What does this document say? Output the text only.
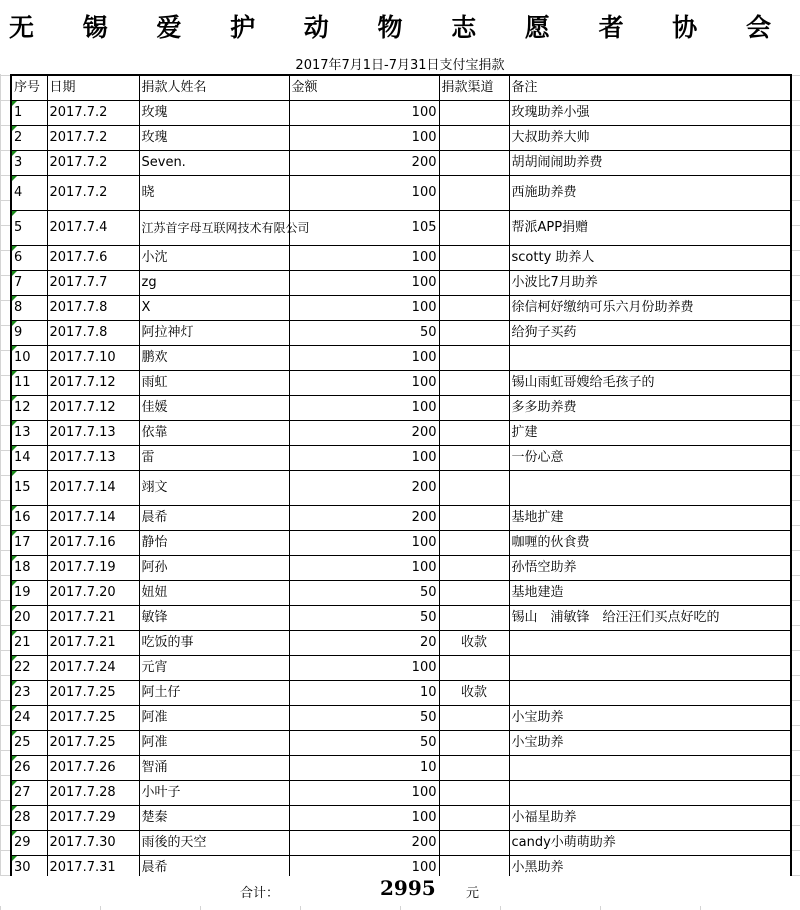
无 锡 爱 护 动 物 志 愿 者 协 会
2017年7月1日-7月31日支付宝捐款
序号	日期	捐款人姓名	金额	捐款渠道	备注
1	2017.7.2	玫瑰	100		玫瑰助养小强
2	2017.7.2	玫瑰	100		大叔助养大帅
3	2017.7.2	Seven.	200		胡胡闹闹助养费
4	2017.7.2	晓	100		西施助养费
5	2017.7.4	江苏首字母互联网技术有限公司	105		帮派APP捐赠
6	2017.7.6	小沈	100		scotty 助养人
7	2017.7.7	zg	100		小波比7月助养
8	2017.7.8	X	100		徐信柯妤缴纳可乐六月份助养费
9	2017.7.8	阿拉神灯	50		给狗子买药
10	2017.7.10	鹏欢	100		
11	2017.7.12	雨虹	100		锡山雨虹哥嫂给毛孩子的
12	2017.7.12	佳媛	100		多多助养费
13	2017.7.13	依靠	200		扩建
14	2017.7.13	雷	100		一份心意
15	2017.7.14	翊文	200		
16	2017.7.14	晨希	200		基地扩建
17	2017.7.16	静怡	100		咖喱的伙食费
18	2017.7.19	阿孙	100		孙悟空助养
19	2017.7.20	妞妞	50		基地建造
20	2017.7.21	敏锋	50		锡山　浦敏锋　给汪汪们买点好吃的
21	2017.7.21	吃饭的事	20	收款	
22	2017.7.24	元宵	100		
23	2017.7.25	阿土仔	10	收款	
24	2017.7.25	阿准	50		小宝助养
25	2017.7.25	阿准	50		小宝助养
26	2017.7.26	智涌	10		
27	2017.7.28	小叶子	100		
28	2017.7.29	楚秦	100		小福星助养
29	2017.7.30	雨後的天空	200		candy小萌萌助养
30	2017.7.31	晨希	100		小黑助养
合计：	2995 元
